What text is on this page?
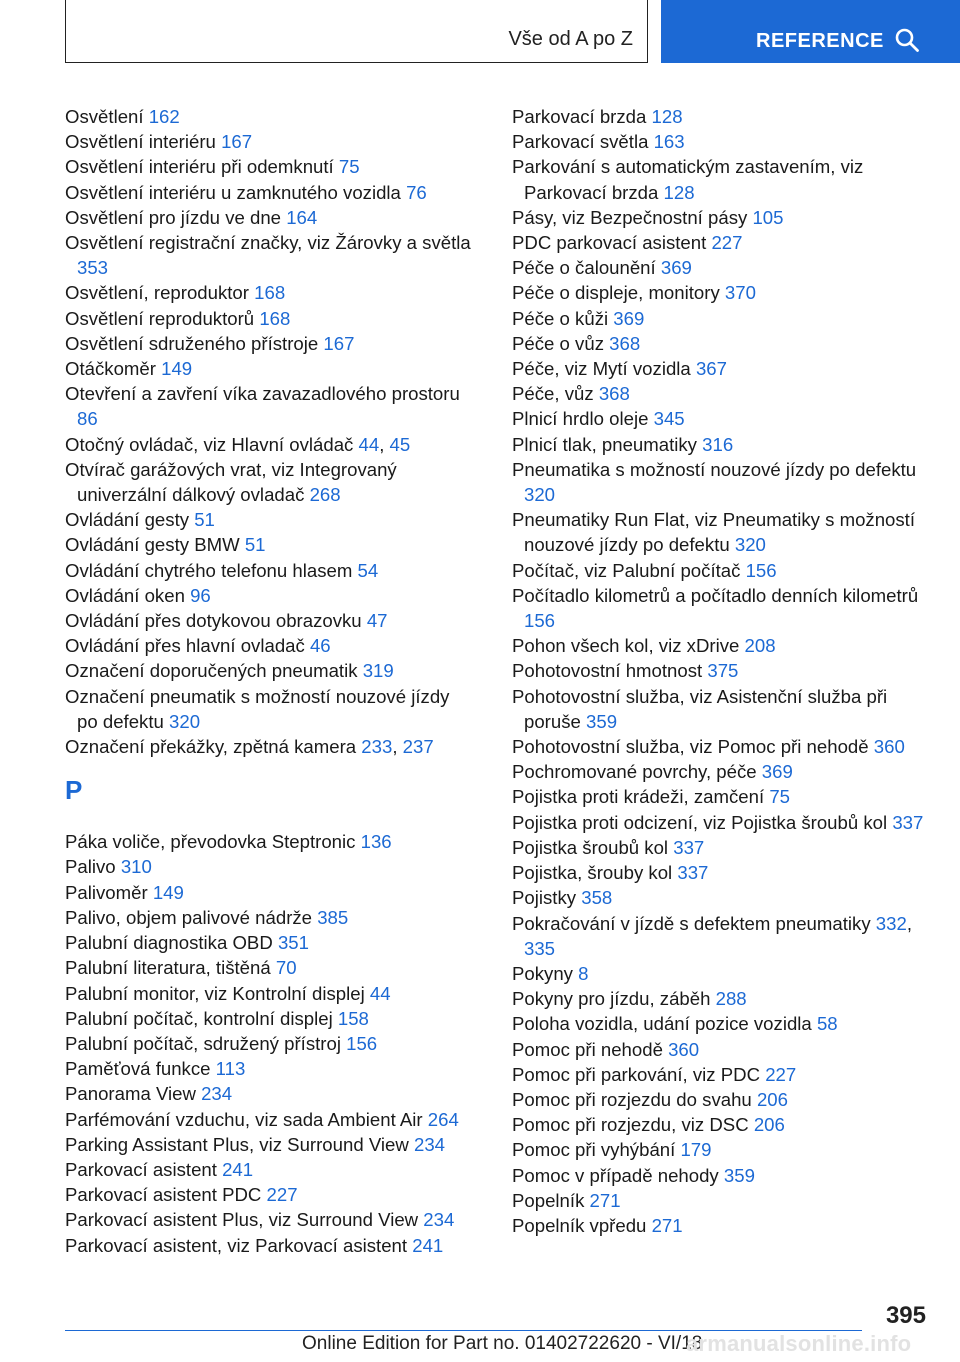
Vše od A po Z	REFERENCE
Osvětlení 162
Osvětlení interiéru 167
Osvětlení interiéru při odemknutí 75
Osvětlení interiéru u zamknutého vozidla 76
Osvětlení pro jízdu ve dne 164
Osvětlení registrační značky, viz Žárovky a světla 353
Osvětlení, reproduktor 168
Osvětlení reproduktorů 168
Osvětlení sdruženého přístroje 167
Otáčkoměr 149
Otevření a zavření víka zavazadlového prostoru 86
Otočný ovládač, viz Hlavní ovládač 44, 45
Otvírač garážových vrat, viz Integrovaný univerzální dálkový ovladač 268
Ovládání gesty 51
Ovládání gesty BMW 51
Ovládání chytrého telefonu hlasem 54
Ovládání oken 96
Ovládání přes dotykovou obrazovku 47
Ovládání přes hlavní ovladač 46
Označení doporučených pneumatik 319
Označení pneumatik s možností nouzové jízdy po defektu 320
Označení překážky, zpětná kamera 233, 237
P
Páka voliče, převodovka Steptronic 136
Palivo 310
Palivoměr 149
Palivo, objem palivové nádrže 385
Palubní diagnostika OBD 351
Palubní literatura, tištěná 70
Palubní monitor, viz Kontrolní displej 44
Palubní počítač, kontrolní displej 158
Palubní počítač, sdružený přístroj 156
Paměťová funkce 113
Panorama View 234
Parfémování vzduchu, viz sada Ambient Air 264
Parking Assistant Plus, viz Surround View 234
Parkovací asistent 241
Parkovací asistent PDC 227
Parkovací asistent Plus, viz Surround View 234
Parkovací asistent, viz Parkovací asistent 241
Parkovací brzda 128
Parkovací světla 163
Parkování s automatickým zastavením, viz Parkovací brzda 128
Pásy, viz Bezpečnostní pásy 105
PDC parkovací asistent 227
Péče o čalounění 369
Péče o displeje, monitory 370
Péče o kůži 369
Péče o vůz 368
Péče, viz Mytí vozidla 367
Péče, vůz 368
Plnicí hrdlo oleje 345
Plnicí tlak, pneumatiky 316
Pneumatika s možností nouzové jízdy po defektu 320
Pneumatiky Run Flat, viz Pneumatiky s možností nouzové jízdy po defektu 320
Počítač, viz Palubní počítač 156
Počítadlo kilometrů a počítadlo denních kilometrů 156
Pohon všech kol, viz xDrive 208
Pohotovostní hmotnost 375
Pohotovostní služba, viz Asistenční služba při poruše 359
Pohotovostní služba, viz Pomoc při nehodě 360
Pochromované povrchy, péče 369
Pojistka proti krádeži, zamčení 75
Pojistka proti odcizení, viz Pojistka šroubů kol 337
Pojistka šroubů kol 337
Pojistka, šrouby kol 337
Pojistky 358
Pokračování v jízdě s defektem pneumatiky 332, 335
Pokyny 8
Pokyny pro jízdu, záběh 288
Poloha vozidla, udání pozice vozidla 58
Pomoc při nehodě 360
Pomoc při parkování, viz PDC 227
Pomoc při rozjezdu do svahu 206
Pomoc při rozjezdu, viz DSC 206
Pomoc při vyhýbání 179
Pomoc v případě nehody 359
Popelník 271
Popelník vpředu 271
395
Online Edition for Part no. 01402722620 - VI/18
armanualsonline.info
